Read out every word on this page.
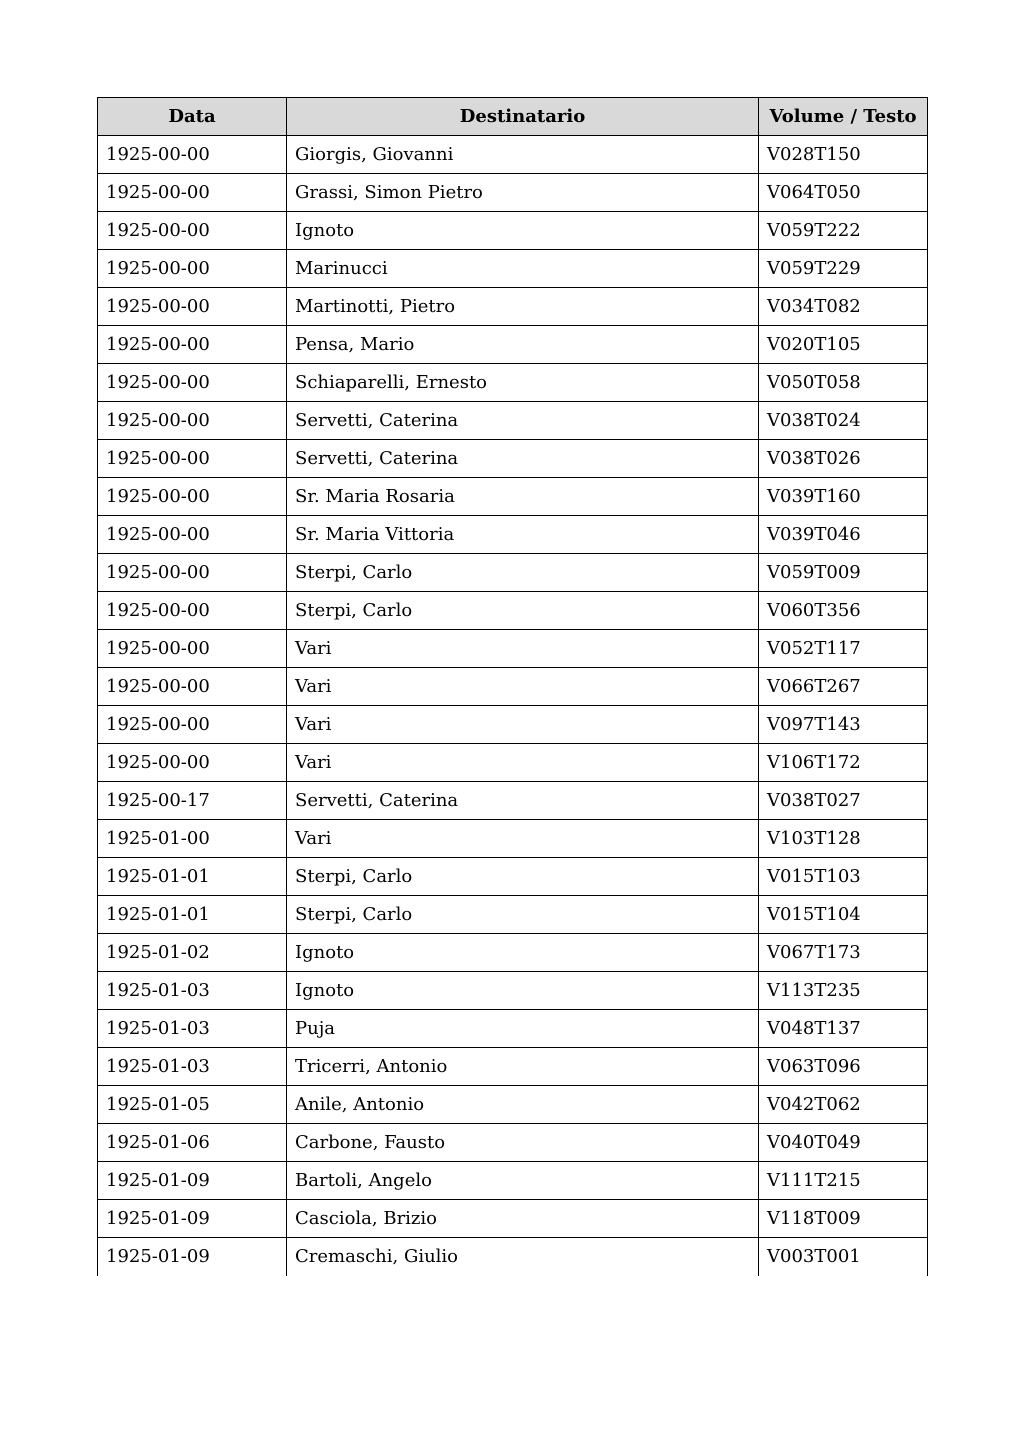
Data	Destinatario	Volume / Testo
1925-00-00	Giorgis, Giovanni	V028T150
1925-00-00	Grassi, Simon Pietro	V064T050
1925-00-00	Ignoto	V059T222
1925-00-00	Marinucci	V059T229
1925-00-00	Martinotti, Pietro	V034T082
1925-00-00	Pensa, Mario	V020T105
1925-00-00	Schiaparelli, Ernesto	V050T058
1925-00-00	Servetti, Caterina	V038T024
1925-00-00	Servetti, Caterina	V038T026
1925-00-00	Sr. Maria Rosaria	V039T160
1925-00-00	Sr. Maria Vittoria	V039T046
1925-00-00	Sterpi, Carlo	V059T009
1925-00-00	Sterpi, Carlo	V060T356
1925-00-00	Vari	V052T117
1925-00-00	Vari	V066T267
1925-00-00	Vari	V097T143
1925-00-00	Vari	V106T172
1925-00-17	Servetti, Caterina	V038T027
1925-01-00	Vari	V103T128
1925-01-01	Sterpi, Carlo	V015T103
1925-01-01	Sterpi, Carlo	V015T104
1925-01-02	Ignoto	V067T173
1925-01-03	Ignoto	V113T235
1925-01-03	Puja	V048T137
1925-01-03	Tricerri, Antonio	V063T096
1925-01-05	Anile, Antonio	V042T062
1925-01-06	Carbone, Fausto	V040T049
1925-01-09	Bartoli, Angelo	V111T215
1925-01-09	Casciola, Brizio	V118T009
1925-01-09	Cremaschi, Giulio	V003T001
